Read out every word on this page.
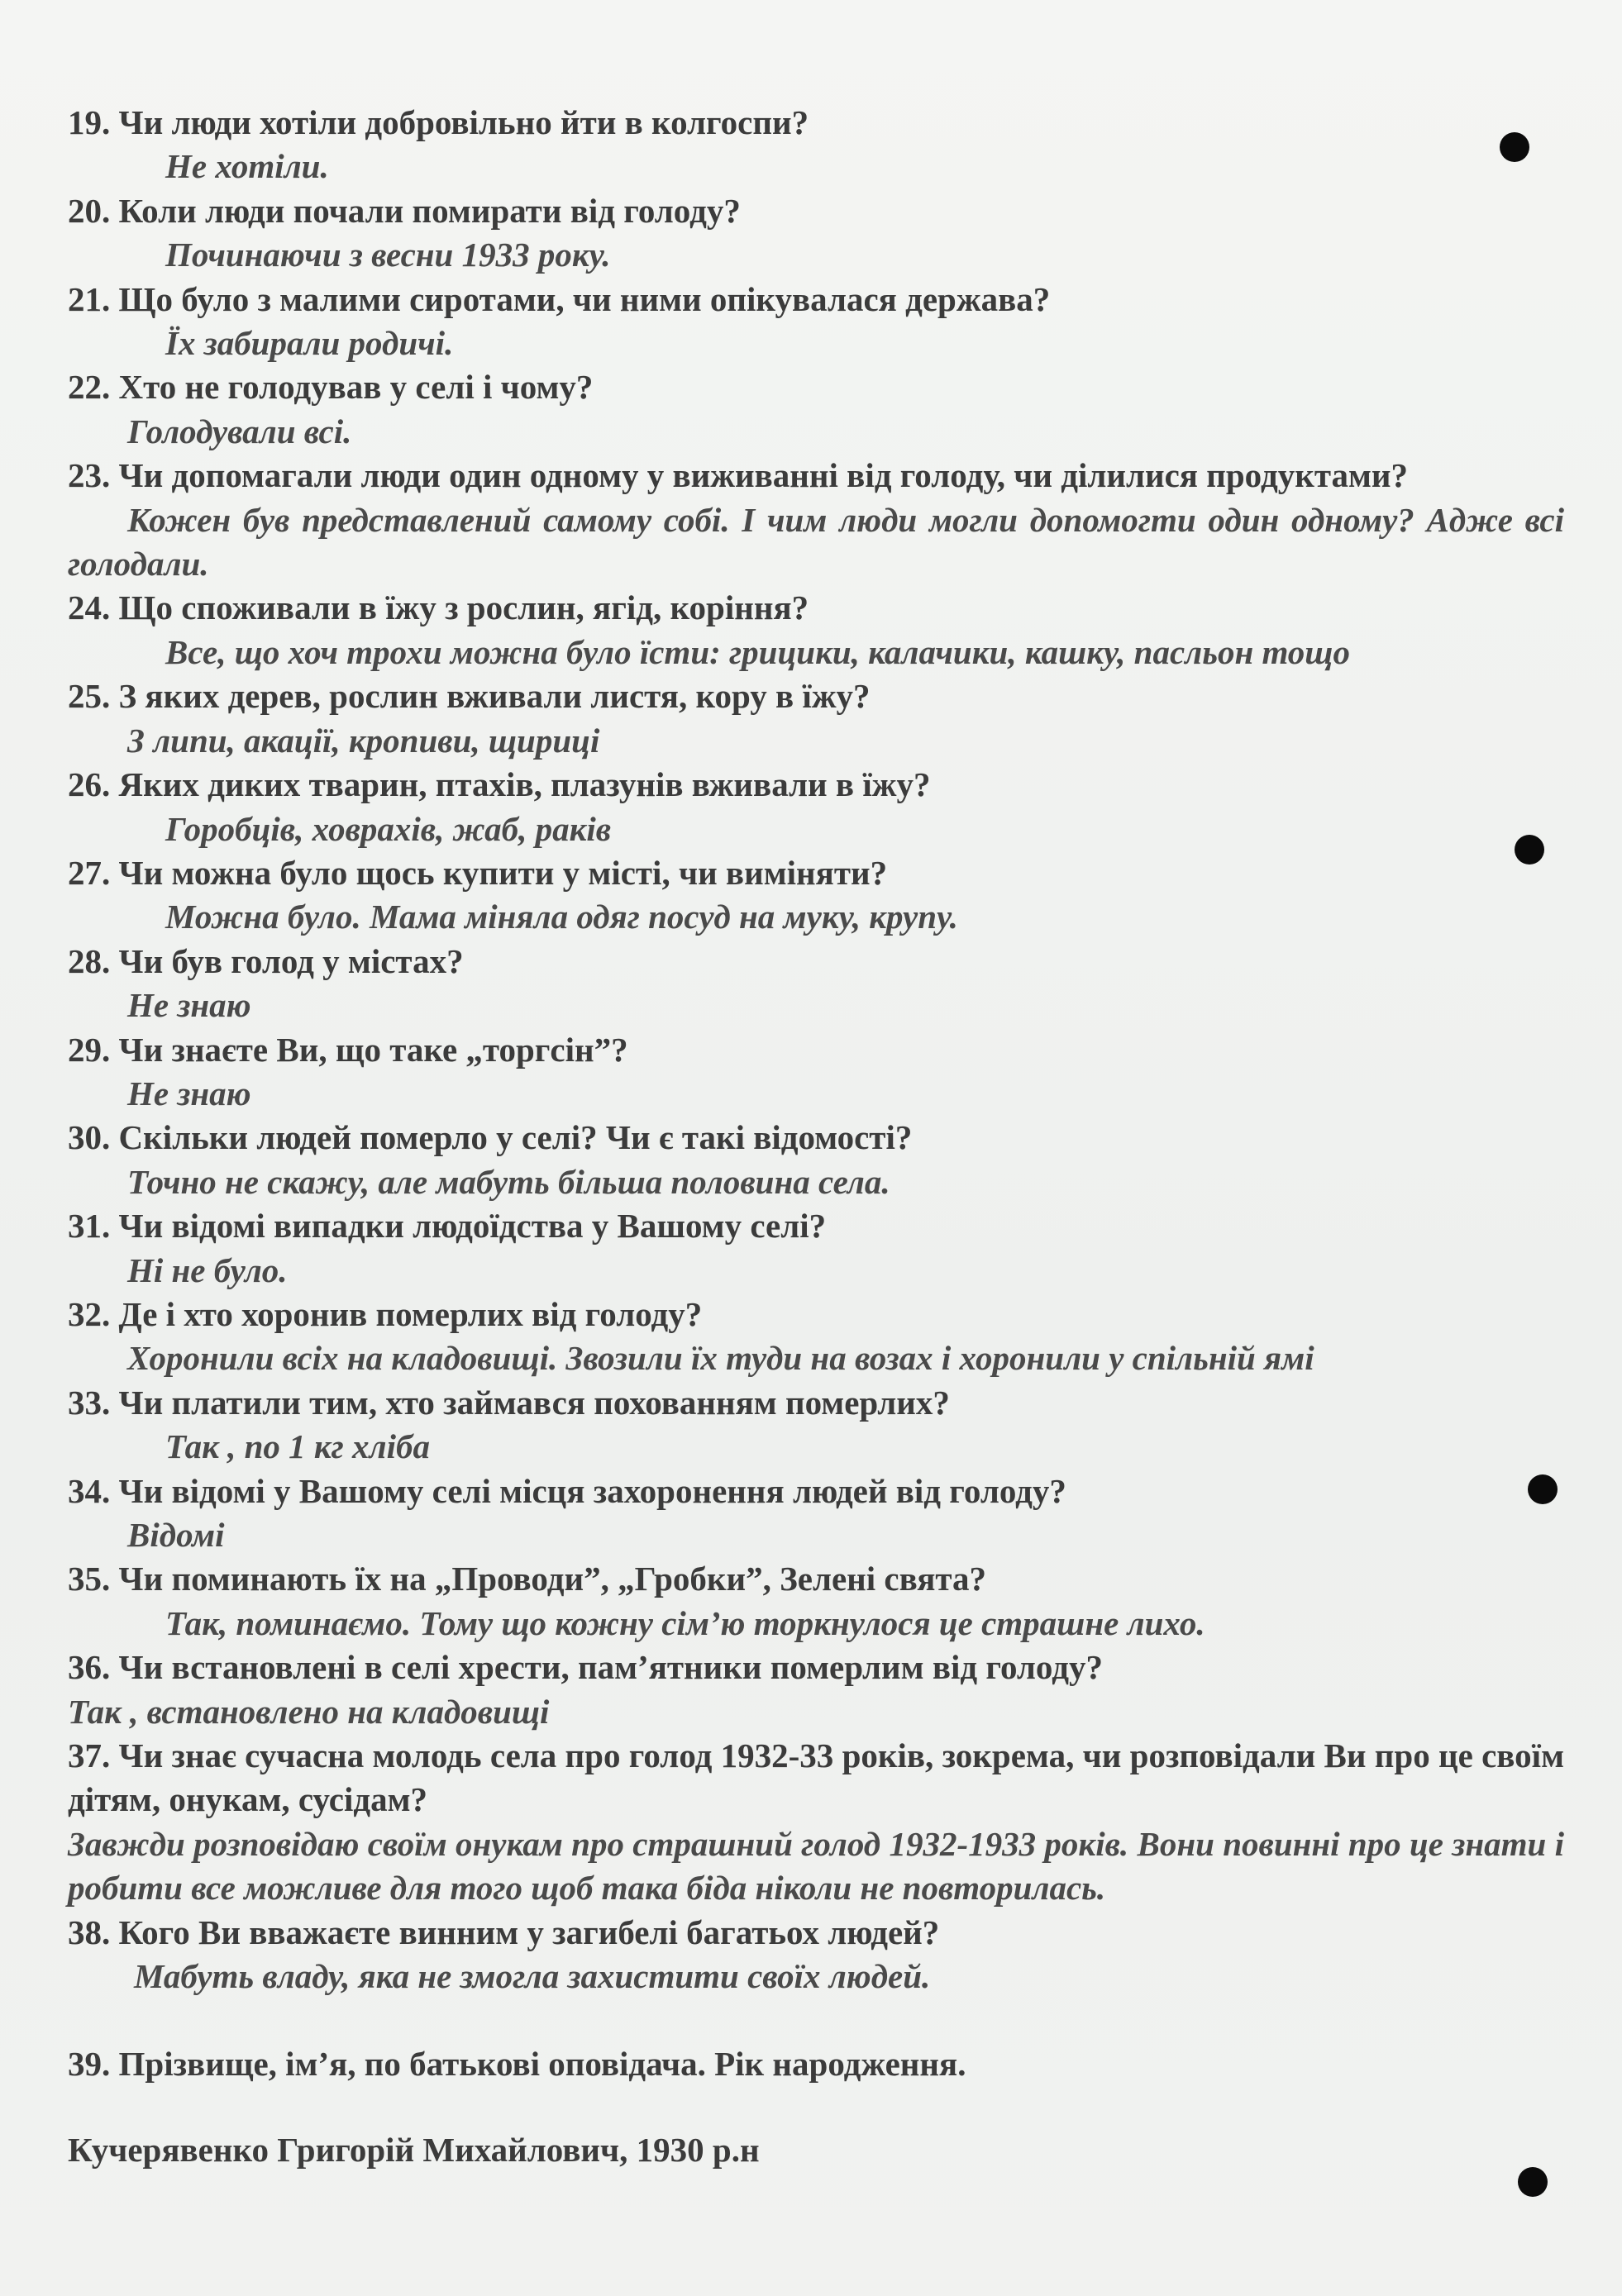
19. Чи люди хотіли добровільно йти в колгоспи?

Не хотіли.

20. Коли люди почали помирати від голоду?

Починаючи з весни 1933 року.

21. Що було з малими сиротами, чи ними опікувалася держава?

Їх забирали родичі.

22. Хто не голодував у селі і чому?

Голодували всі.

23. Чи допомагали люди один одному у виживанні від голоду, чи ділилися продуктами?

Кожен був представлений самому собі. І чим люди могли допомогти один одному? Адже всі голодали.

24. Що споживали в їжу з рослин, ягід, коріння?

Все, що хоч трохи можна було їсти: грицики, калачики, кашку, пасльон тощо

25. З яких дерев, рослин вживали листя, кору в їжу?

З липи, акації, кропиви, щириці

26. Яких диких тварин, птахів, плазунів вживали в їжу?

Горобців, ховрахів, жаб, раків

27. Чи можна було щось купити у місті, чи виміняти?

Можна було. Мама міняла одяг посуд на муку, крупу.

28. Чи був голод у містах?

Не знаю

29. Чи знаєте Ви, що таке „торгсін”?

Не знаю

30. Скільки людей померло у селі? Чи є такі відомості?

Точно не скажу, але мабуть більша половина села.

31. Чи відомі випадки людоїдства у Вашому селі?

Ні не було.

32. Де і хто хоронив померлих від голоду?

Хоронили всіх на кладовищі. Звозили їх туди на возах і хоронили у спільній ямі

33. Чи платили тим, хто займався похованням померлих?

Так , по 1 кг хліба

34. Чи відомі у Вашому селі місця захоронення людей від голоду?

Відомі

35. Чи поминають їх на „Проводи”, „Гробки”, Зелені свята?

Так, поминаємо. Тому що кожну сім’ю торкнулося це страшне лихо.

36. Чи встановлені в селі хрести, пам’ятники померлим від голоду?

Так , встановлено на кладовищі

37. Чи знає сучасна молодь села про голод 1932-33 років, зокрема, чи розповідали Ви про це своїм дітям, онукам, сусідам?

Завжди розповідаю своїм онукам про страшний голод 1932-1933 років. Вони повинні про це знати і робити все можливе для того щоб така біда ніколи не повторилась.

38. Кого Ви вважаєте винним у загибелі багатьох людей?

Мабуть владу, яка не змогла захистити своїх людей.

39. Прізвище, ім’я, по батькові оповідача. Рік народження.

Кучерявенко Григорій Михайлович, 1930 р.н
